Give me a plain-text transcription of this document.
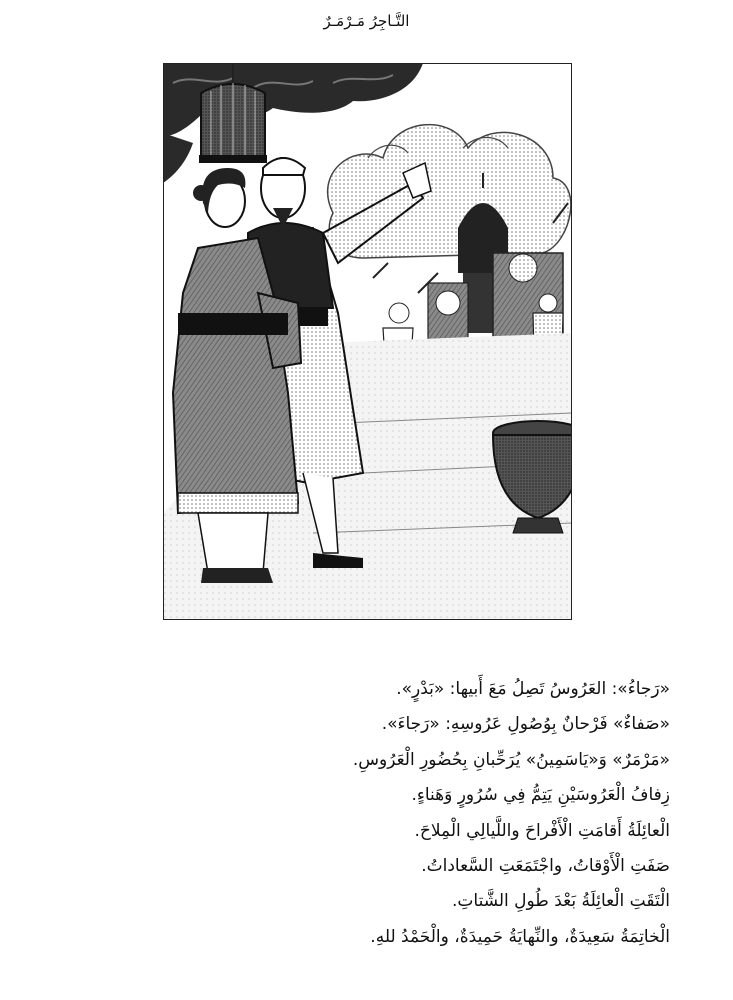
التَّـاجِرُ مَـرْمَـرٌ

«رَجاءُ»: العَرُوسُ تَصِلُ مَعَ أَبيها: «بَدْرٍ».

«صَفاءٌ» فَرْحانٌ بِوُصُولِ عَرُوسِهِ: «رَجاءَ».

«مَرْمَرٌ» وَ«يَاسَمِينُ» يُرَحِّبانِ بِحُضُورِ الْعَرُوسِ.

زِفافُ الْعَرُوسَيْنِ يَتِمُّ فِي سُرُورٍ وَهَناءٍ.

الْعائِلَةُ أَقامَتِ الْأَفْراحَ واللَّيالِي الْمِلاحَ.

صَفَتِ الْأَوْقاتُ، واجْتَمَعَتِ السَّعاداتُ.

الْتَقَتِ الْعائِلَةُ بَعْدَ طُولِ الشَّتاتِ.

الْخاتِمَةُ سَعِيدَةٌ، والنِّهايَةُ حَمِيدَةٌ، والْحَمْدُ للهِ.
